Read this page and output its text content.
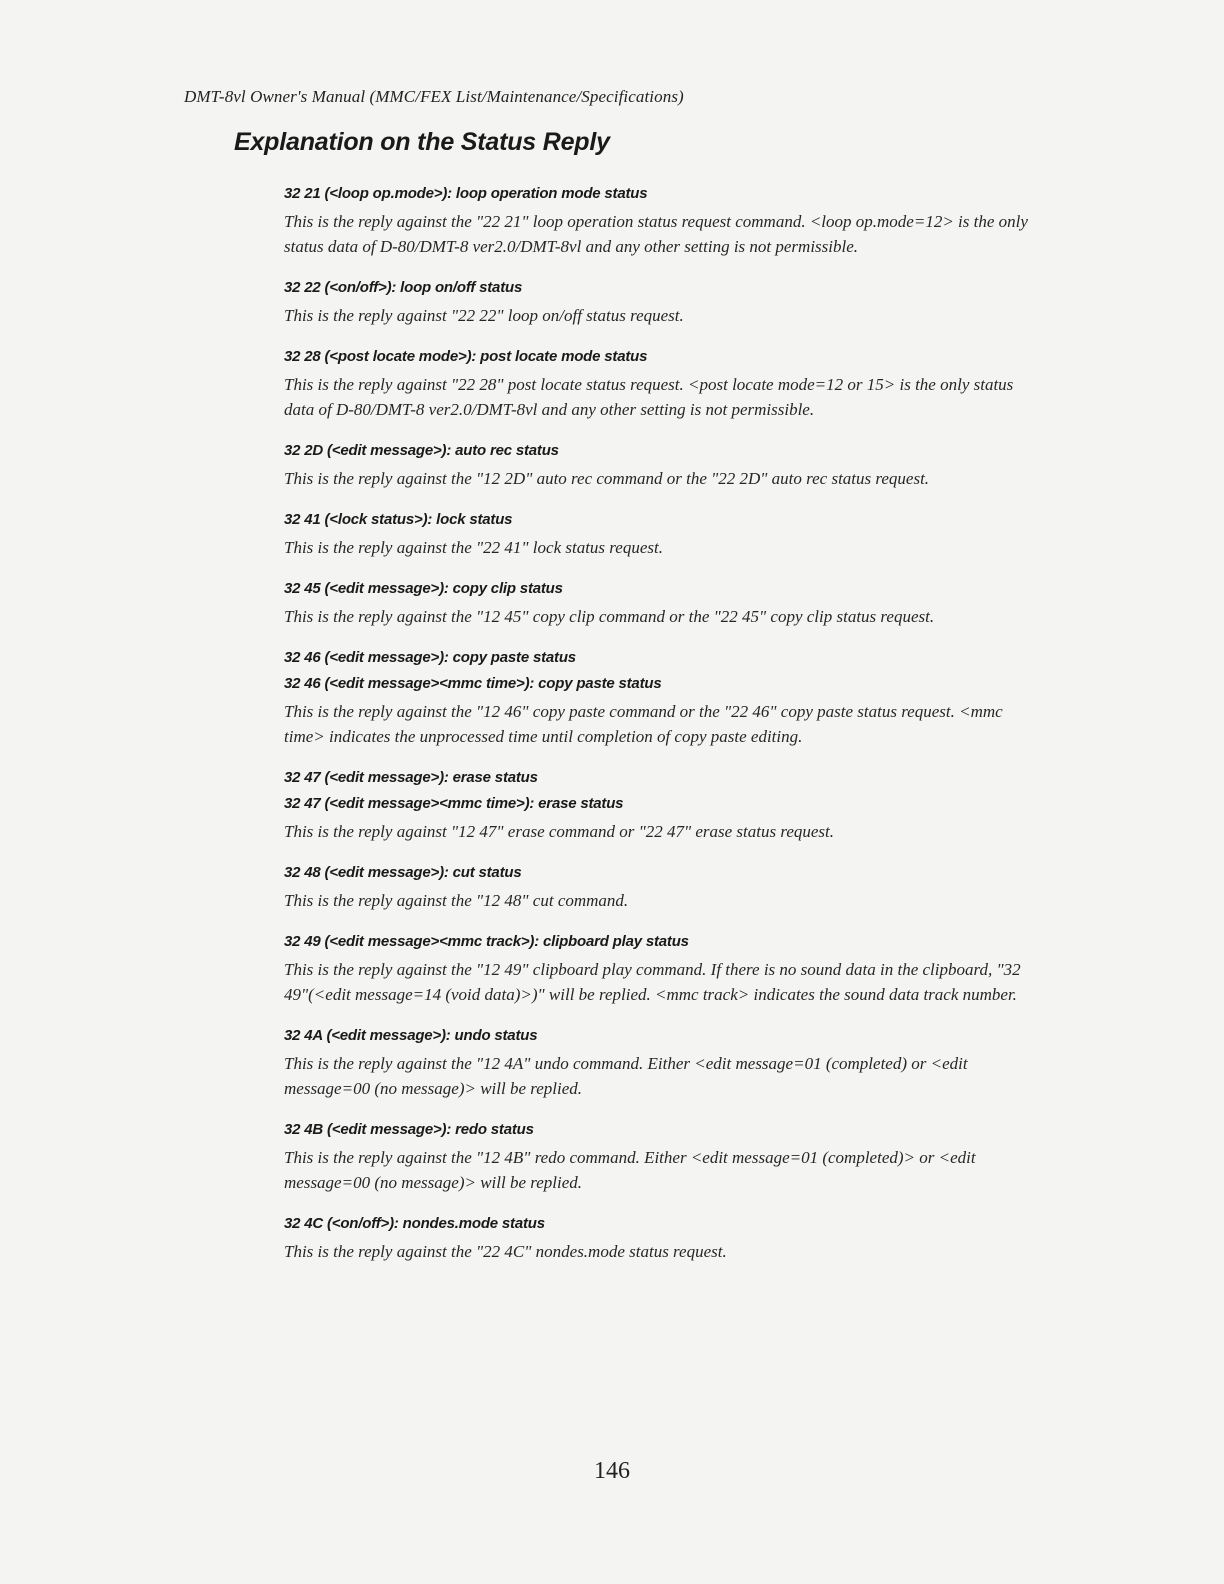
DMT-8vl Owner's Manual (MMC/FEX List/Maintenance/Specifications)
Explanation on the Status Reply
32 21 (<loop op.mode>): loop operation mode status

This is the reply against the "22 21" loop operation status request command. <loop op.mode=12> is the only status data of D-80/DMT-8 ver2.0/DMT-8vl and any other setting is not permissible.

32 22 (<on/off>): loop on/off status

This is the reply against "22 22" loop on/off status request.

32 28 (<post locate mode>): post locate mode status

This is the reply against "22 28" post locate status request. <post locate mode=12 or 15> is the only status data of D-80/DMT-8 ver2.0/DMT-8vl and any other setting is not permissible.

32 2D (<edit message>): auto rec status

This is the reply against the "12 2D" auto rec command or the "22 2D" auto rec status request.

32 41 (<lock status>): lock status

This is the reply against the "22 41" lock status request.

32 45 (<edit message>): copy clip status

This is the reply against the "12 45" copy clip command or the "22 45" copy clip status request.

32 46 (<edit message>): copy paste status
32 46 (<edit message><mmc time>): copy paste status

This is the reply against the "12 46" copy paste command or the "22 46" copy paste status request. <mmc time> indicates the unprocessed time until completion of copy paste editing.

32 47 (<edit message>): erase status
32 47 (<edit message><mmc time>): erase status

This is the reply against "12 47" erase command or "22 47" erase status request.

32 48 (<edit message>): cut status

This is the reply against the "12 48" cut command.

32 49 (<edit message><mmc track>): clipboard play status

This is the reply against the "12 49" clipboard play command. If there is no sound data in the clipboard, "32 49"(<edit message=14 (void data)>)" will be replied. <mmc track> indicates the sound data track number.

32 4A (<edit message>): undo status

This is the reply against the "12 4A" undo command. Either <edit message=01 (completed) or <edit message=00 (no message)> will be replied.

32 4B (<edit message>): redo status

This is the reply against the "12 4B" redo command. Either <edit message=01 (completed)> or <edit message=00 (no message)> will be replied.

32 4C (<on/off>): nondes.mode status

This is the reply against the "22 4C" nondes.mode status request.

146
